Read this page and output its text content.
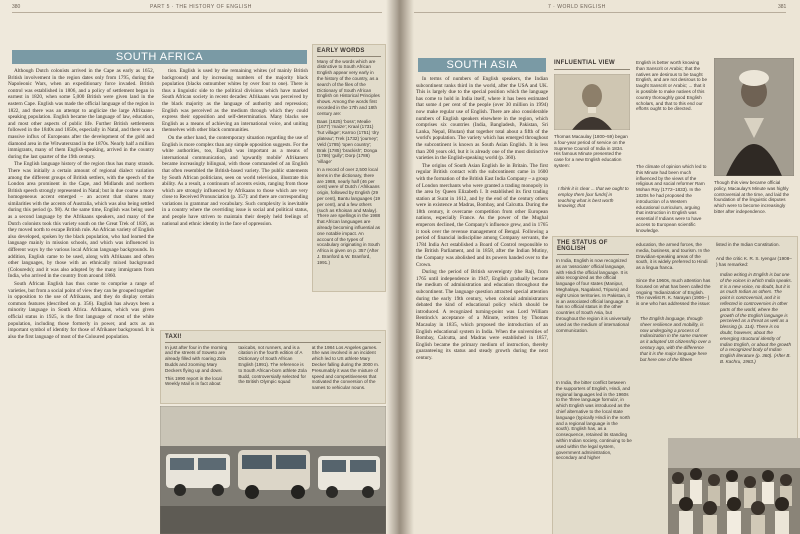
380	PART 5 · THE HISTORY OF ENGLISH
SOUTH AFRICA

Although Dutch colonists arrived in the Cape as early as 1652, British involvement in the region dates only from 1795, during the Napoleonic Wars, when an expeditionary force invaded. British control was established in 1806, and a policy of settlement began in earnest in 1820, when some 5,000 British were given land in the eastern Cape. English was made the official language of the region in 1822, and there was an attempt to anglicize the large Afrikaans-speaking population. English became the language of law, education, and most other aspects of public life. Further British settlements followed in the 1840s and 1850s, especially in Natal, and there was a massive influx of Europeans after the development of the gold and diamond area in the Witwatersrand in the 1870s. Nearly half a million immigrants, many of them English-speaking, arrived in the country during the last quarter of the 19th century.

The English language history of the region thus has many strands. There was initially a certain amount of regional dialect variation among the different groups of British settlers, with the speech of the London area prominent in the Cape, and Midlands and northern British speech strongly represented in Natal; but in due course a more homogeneous accent emerged – an accent that shares many similarities with the accents of Australia, which was also being settled during this period (p. 98). At the same time, English was being used as a second language by the Afrikaans speakers, and many of the Dutch colonists took this variety south on the Great Trek of 1836, as they moved north to escape British rule. An African variety of English also developed, spoken by the black population, who had learned the language mainly in mission schools, and which was influenced in different ways by the various local African language backgrounds. In addition, English came to be used, along with Afrikaans and often other languages, by those with an ethnically mixed background (Coloureds); and it was also adopted by the many immigrants from India, who arrived in the country from around 1860.

South African English has thus come to comprise a range of varieties, but from a social point of view they can be grouped together in opposition to the use of Afrikaans, and they do display certain common features (described on p. 356). English has always been a minority language in South Africa. Afrikaans, which was given official status in 1925, is the first language of most of the white population, including those formerly in power, and acts as an important symbol of identity for those of Afrikaner background. It is also the first language of most of the Coloured population.

tion. English is used by the remaining whites (of mainly British background) and by increasing numbers of the majority black population (blacks outnumber whites by over four to one). There is thus a linguistic side to the political divisions which have marked South African society in recent decades: Afrikaans was perceived by the black majority as the language of authority and repression; English was perceived as the medium through which they could express their opposition and self-determination. Many blacks see English as a means of achieving an international voice, and uniting themselves with other black communities.

On the other hand, the contemporary situation regarding the use of English is more complex than any simple opposition suggests. For the white authorities, too, English was important as a means of international communication, and 'upwardly mobile' Afrikaners became increasingly bilingual, with those commanded of an English that often resembled the British-based variety. The public statements by South African politicians, seen on world television, illustrate this ability. As a result, a continuum of accents exists, ranging from those which are strongly influenced by Afrikaans to those which are very close to Received Pronunciation (p. 357): and there are corresponding variations in grammar and vocabulary. Such complexity is inevitable in a country where the overriding issue is social and political status, and people have striven to maintain their deeply held feelings of national and ethnic identity in the face of oppression.

EARLY WORDS
Many of the words which are distinctive to South African English appear very early in the history of the country, as a search of the files of the Dictionary of South African English on Historical Principles shows. Among the words first recorded in the 17th and 18th century are:
Baas (1625) 'boss'; Mealie (1677) 'maize'; Kraal (1731) 'hut village'; Karroo (1751) 'dry plateau'; Trek (1732) 'journey'; Veld (1785) 'open country'; Brak (1785) 'brackish'; Donga (1786) 'gully'; Dorp (1786) 'village'
In a record of over 2,500 local items in the dictionary, there are 1988, nearly half (46 per cent) were of Dutch / Afrikaans origin, followed by English (29 per cent), Bantu languages (19 per cent), and a few others (such as Khoisan and Malay). There are spellings in the 1988 that African languages are already becoming influential as one notable impact. An account of the types of vocabulary originating in South Africa is given on p. 357 (After J. Branford & W. Branford, 1991.)
TAXI!
In just after four in the morning and the streets of Soweto are already filled with roaring Zola Budds and zooming Mary Deckers flying up and down.
This 1990 report in the local Weekly Mail is in fact about
taxicabs, not runners, and is a citation in the fourth edition of A Dictionary of South African English (1991). The reference is to South African-born athlete Zola Budd, controversially selected for the British Olympic squad
at the 1984 Los Angeles games. She was involved in an incident which led to US athlete Mary Decker falling during the 3000 m. Presumably it was the mixture of speed and competitiveness that motivated the conversion of the names to vehicular nouns.
7 · WORLD ENGLISH	381
SOUTH ASIA

In terms of numbers of English speakers, the Indian subcontinent ranks third in the world, after the USA and UK. This is largely due to the special position which the language has come to hold in India itself, where it has been estimated that some 4 per cent of the people (over 30 million in 1994) now make regular use of English. There are also considerable numbers of English speakers elsewhere in the region, which comprises six countries (India, Bangladesh, Pakistan, Sri Lanka, Nepal, Bhutan) that together total about a fifth of the world's population. The variety which has emerged throughout the subcontinent is known as South Asian English. It is less than 200 years old, but it is already one of the most distinctive varieties in the English-speaking world (p. 360).

The origins of South Asian English lie in Britain. The first regular British contact with the subcontinent came in 1600 with the formation of the British East India Company – a group of London merchants who were granted a trading monopoly in the area by Queen Elizabeth I. It established its first trading station at Surat in 1612, and by the end of the century others were in existence at Madras, Bombay, and Calcutta. During the 18th century, it overcame competition from other European nations, especially France. As the power of the Mughal emperors declined, the Company's influence grew, and in 1765 it took over the revenue management of Bengal. Following a period of financial indiscipline among Company servants, the 1784 India Act established a Board of Control responsible to the British Parliament, and in 1858, after the Indian Mutiny, the Company was abolished and its powers handed over to the Crown.

During the period of British sovereignty (the Raj), from 1765 until independence in 1947, English gradually became the medium of administration and education throughout the subcontinent. The language question attracted special attention during the early 19th century, when colonial administrators debated the kind of educational policy which should be introduced. A recognized turning-point was Lord William Bentinck's acceptance of a Minute, written by Thomas Macaulay in 1835, which proposed the introduction of an English educational system in India. When the universities of Bombay, Calcutta, and Madras were established in 1857, English became the primary medium of instruction, thereby guaranteeing its status and steady growth during the next century.

INFLUENTIAL VIEW
Thomas Macaulay (1800–59) began a four-year period of service on the Supreme Council of India in 1834. His famous Minute presented the case for a new English education system:
I think it is clear ... that we ought to employ them [our funds] in teaching what is best worth knowing; that
English is better worth knowing than Sanscrit or Arabic; that the natives are desirous to be taught English, and are not desirous to be taught Sanscrit or Arabic; ... that it is possible to make natives of this country thoroughly good English scholars, and that to this end our efforts ought to be directed.
The climate of opinion which led to this Minute had been much influenced by the views of the religious and social reformer Ram Mohan Roy (1772–1833). In the 1820s he had proposed the introduction of a Western educational curriculum, arguing that instruction in English was essential if Indians were to have access to European scientific knowledge.
Though this view became official policy, Macaulay's Minute was highly controversial at the time, and laid the foundation of the linguistic disputes which were to become increasingly bitter after independence.
THE STATUS OF ENGLISH
In India, English is now recognized as an 'associate' official language, with Hindi the official language. It is also recognized as the official language of four states (Manipur, Meghalaya, Nagaland, Tripura) and eight Union territories. In Pakistan, it is an associated official language. It has no official status in the other countries of South Asia, but throughout the region it is universally used as the medium of international communication.
In India, the bitter conflict between the supporters of English, Hindi, and regional languages led in the 1960s to the 'three language formula', in which English was introduced as the chief alternative to the local state language (typically Hindi in the north and a regional language in the south). English has, as a consequence, retained its standing within Indian society, continuing to be used within the legal system, government administration, secondary and higher
education, the armed forces, the media, business, and tourism. In the Dravidian-speaking areas of the south, it is widely preferred to Hindi as a lingua franca.
Since the 1960s, much attention has focused on what has been called the ongoing 'Indianization' of English. The novelist R. K. Narayan (1906– ) is one who has addressed the issue:
The English language, through sheer resilience and mobility, is now undergoing a process of Indianization in the same manner as it adopted US citizenship over a century ago, with the difference that it is the major language here but here one of the fifteen
listed in the Indian Constitution.
And the critic K. R. S. Iyengar (1908– ) has remarked:
Indian writing in English is but one of the voices in which India speaks. It is a new voice, no doubt, but it is as much Indian as others. The point is controversial, and it is reflected in controversies in other parts of the world, where the growth of the English language is perceived as a threat as well as a blessing (p. 114). There is no doubt, however, about the emerging structural identity of Indian English, or about the growth of a recognized body of Indian English literature (p. 360). (After B. B. Kachru, 1983.)
